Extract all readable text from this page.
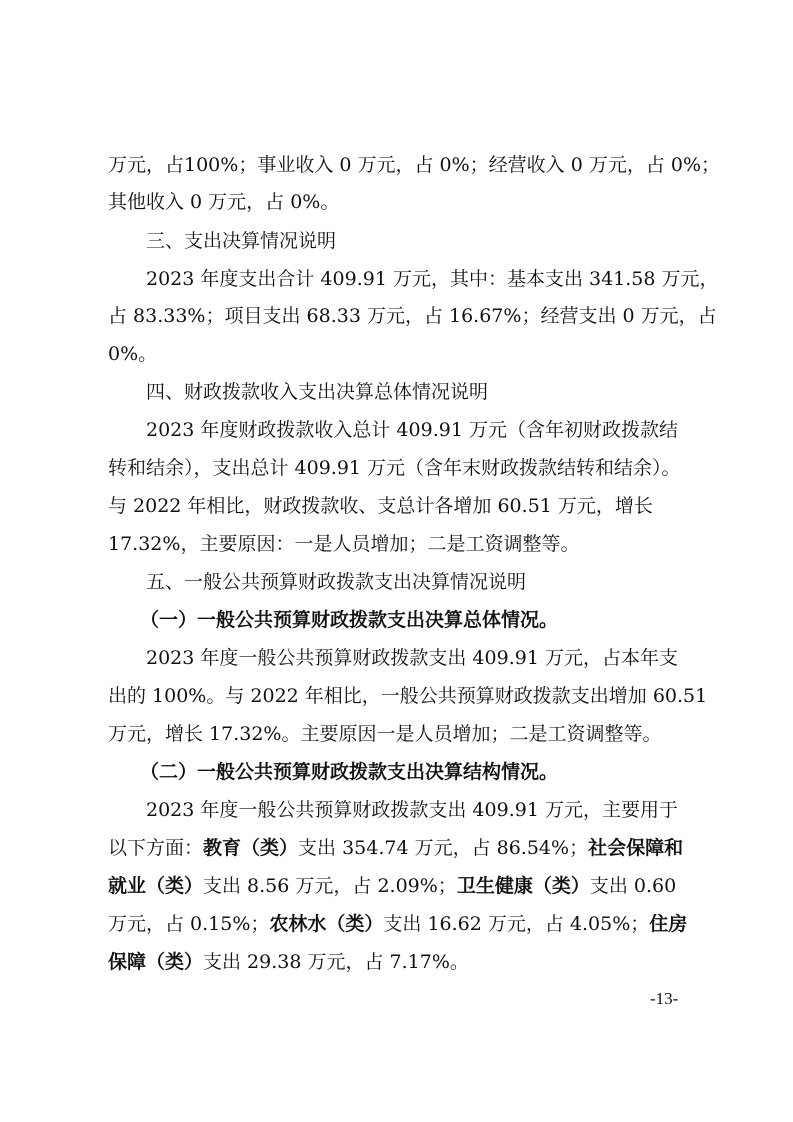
万元，占100%；事业收入 0 万元，占 0%；经营收入 0 万元，占 0%；
其他收入 0 万元，占 0%。
三、支出决算情况说明
2023 年度支出合计 409.91 万元，其中：基本支出 341.58 万元，
占 83.33%；项目支出 68.33 万元，占 16.67%；经营支出 0 万元，占
0%。
四、财政拨款收入支出决算总体情况说明
2023 年度财政拨款收入总计 409.91 万元（含年初财政拨款结
转和结余），支出总计 409.91 万元（含年末财政拨款结转和结余）。
与 2022 年相比，财政拨款收、支总计各增加 60.51 万元，增长
17.32%，主要原因：一是人员增加；二是工资调整等。
五、一般公共预算财政拨款支出决算情况说明
（一）一般公共预算财政拨款支出决算总体情况。
2023 年度一般公共预算财政拨款支出 409.91 万元，占本年支
出的 100%。与 2022 年相比，一般公共预算财政拨款支出增加 60.51
万元，增长 17.32%。主要原因一是人员增加；二是工资调整等。
（二）一般公共预算财政拨款支出决算结构情况。
2023 年度一般公共预算财政拨款支出 409.91 万元，主要用于
以下方面：教育（类）支出 354.74 万元，占 86.54%；社会保障和
就业（类）支出 8.56 万元，占 2.09%；卫生健康（类）支出 0.60
万元，占 0.15%；农林水（类）支出 16.62 万元，占 4.05%；住房
保障（类）支出 29.38 万元，占 7.17%。
-13-
